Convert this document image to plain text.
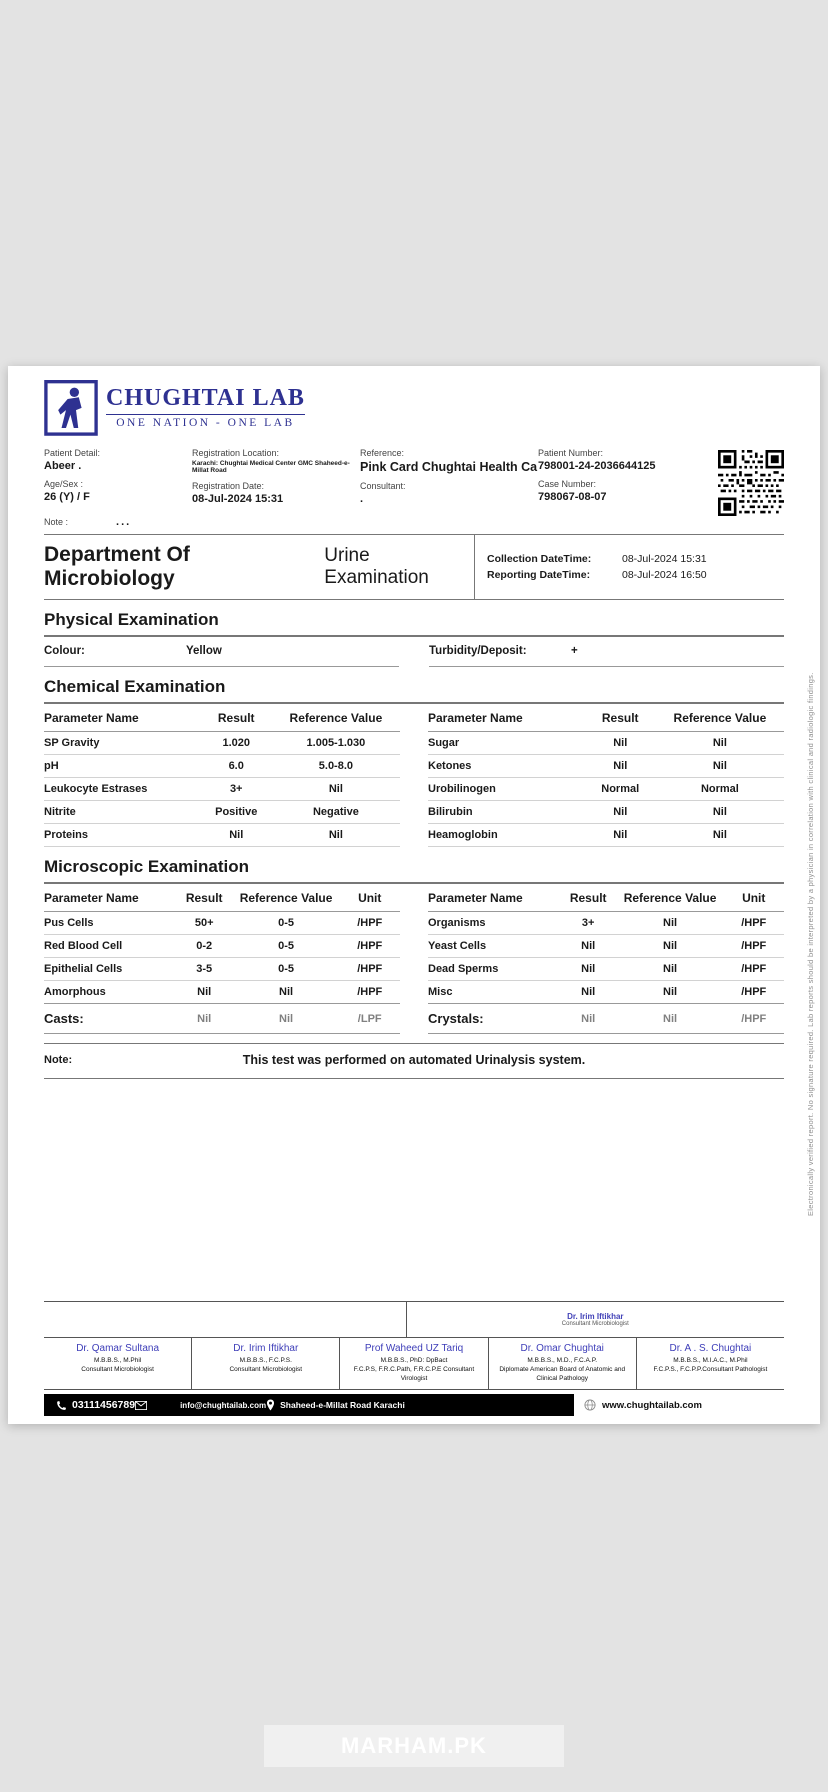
CHUGHTAI LAB
ONE NATION - ONE LAB
Patient Detail:
Abeer .
Age/Sex :
26 (Y) / F
Registration Location:
Karachi: Chughtai Medical Center GMC Shaheed-e-Millat Road
Registration Date:
08-Jul-2024 15:31
Reference:
Pink Card Chughtai Health Ca
Consultant:
.
Patient Number:
798001-24-2036644125
Case Number:
798067-08-07
Note :	...
Department Of Microbiology
Urine Examination
Collection DateTime:	08-Jul-2024 15:31
Reporting DateTime:	08-Jul-2024 16:50
Physical Examination
Colour:	Yellow	Turbidity/Deposit:	+
Chemical Examination
Parameter Name	Result	Reference Value
SP Gravity	1.020	1.005-1.030
pH	6.0	5.0-8.0
Leukocyte Estrases	3+	Nil
Nitrite	Positive	Negative
Proteins	Nil	Nil
Parameter Name	Result	Reference Value
Sugar	Nil	Nil
Ketones	Nil	Nil
Urobilinogen	Normal	Normal
Bilirubin	Nil	Nil
Heamoglobin	Nil	Nil
Microscopic Examination
Parameter Name	Result	Reference Value	Unit
Pus Cells	50+	0-5	/HPF
Red Blood Cell	0-2	0-5	/HPF
Epithelial Cells	3-5	0-5	/HPF
Amorphous	Nil	Nil	/HPF
Casts:	Nil	Nil	/LPF
Parameter Name	Result	Reference Value	Unit
Organisms	3+	Nil	/HPF
Yeast Cells	Nil	Nil	/HPF
Dead Sperms	Nil	Nil	/HPF
Misc	Nil	Nil	/HPF
Crystals:	Nil	Nil	/HPF
Note:	This test was performed on automated Urinalysis system.
Dr. Irim Iftikhar
Consultant Microbiologist
Dr. Qamar Sultana
M.B.B.S., M.Phil
Consultant Microbiologist
Dr. Irim Iftikhar
M.B.B.S., F.C.P.S.
Consultant Microbiologist
Prof Waheed UZ Tariq
M.B.B.S., PhD: DpBact
F.C.P.S, F.R.C.Path, F.R.C.P.E Consultant Virologist
Dr. Omar Chughtai
M.B.B.S., M.D., F.C.A.P.
Diplomate American Board of Anatomic and Clinical Pathology
Dr. A . S. Chughtai
M.B.B.S., M.I.A.C., M.Phil
F.C.P.S., F.C.P.P.Consultant Pathologist
03111456789	info@chughtailab.com Shaheed-e-Millat Road Karachi	www.chughtailab.com
Electronically verified report. No signature required. Lab reports should be interpreted by a physician in correlation with clinical and radiologic findings.
MARHAM.PK
